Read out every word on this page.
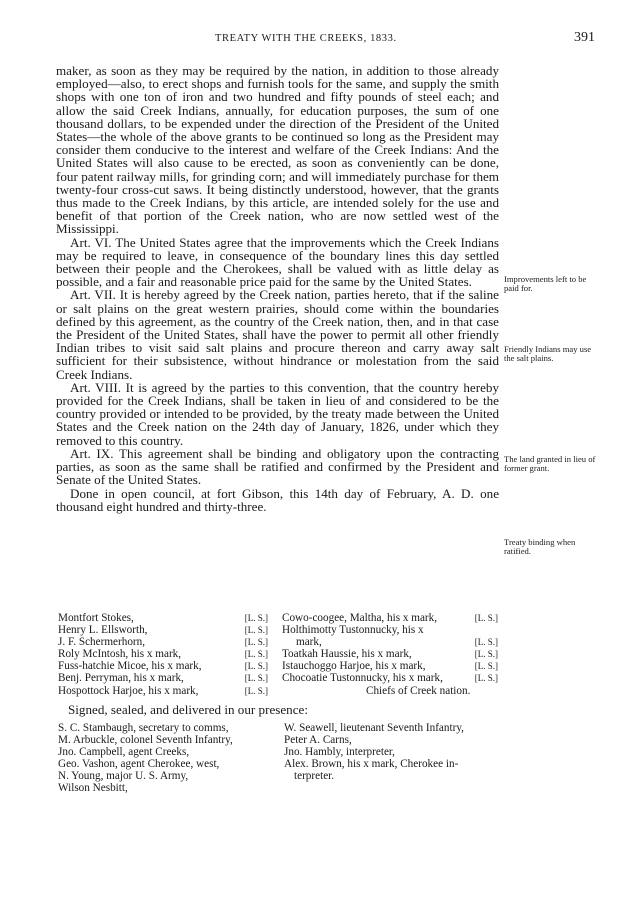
TREATY WITH THE CREEKS, 1833.	391

maker, as soon as they may be required by the nation, in addition to those already employed—also, to erect shops and furnish tools for the same, and supply the smith shops with one ton of iron and two hundred and fifty pounds of steel each; and allow the said Creek Indians, annually, for education purposes, the sum of one thousand dollars, to be expended under the direction of the President of the United States—the whole of the above grants to be continued so long as the President may consider them conducive to the interest and welfare of the Creek Indians: And the United States will also cause to be erected, as soon as conveniently can be done, four patent railway mills, for grinding corn; and will immediately purchase for them twenty-four cross-cut saws. It being distinctly understood, however, that the grants thus made to the Creek Indians, by this article, are intended solely for the use and benefit of that portion of the Creek nation, who are now settled west of the Mississippi.

Art. VI. The United States agree that the improvements which the Creek Indians may be required to leave, in consequence of the boundary lines this day settled between their people and the Cherokees, shall be valued with as little delay as possible, and a fair and reasonable price paid for the same by the United States.

Art. VII. It is hereby agreed by the Creek nation, parties hereto, that if the saline or salt plains on the great western prairies, should come within the boundaries defined by this agreement, as the country of the Creek nation, then, and in that case the President of the United States, shall have the power to permit all other friendly Indian tribes to visit said salt plains and procure thereon and carry away salt sufficient for their subsistence, without hindrance or molestation from the said Creek Indians.

Art. VIII. It is agreed by the parties to this convention, that the country hereby provided for the Creek Indians, shall be taken in lieu of and considered to be the country provided or intended to be provided, by the treaty made between the United States and the Creek nation on the 24th day of January, 1826, under which they removed to this country.

Art. IX. This agreement shall be binding and obligatory upon the contracting parties, as soon as the same shall be ratified and confirmed by the President and Senate of the United States.

Done in open council, at fort Gibson, this 14th day of February, A. D. one thousand eight hundred and thirty-three.

Improvements left to be paid for.
Friendly Indians may use the salt plains.
The land granted in lieu of former grant.
Treaty binding when ratified.
Montfort Stokes,	[L. S.]
Henry L. Ellsworth,	[L. S.]
J. F. Schermerhorn,	[L. S.]
Roly McIntosh, his x mark,	[L. S.]
Fuss-hatchie Micoe, his x mark,	[L. S.]
Benj. Perryman, his x mark,	[L. S.]
Hospottock Harjoe, his x mark,	[L. S.]
Cowo-coogee, Maltha, his x mark,	[L. S.]
Holthimotty Tustonnucky, his x
mark,	[L. S.]
Toatkah Haussie, his x mark,	[L. S.]
Istauchoggo Harjoe, his x mark,	[L. S.]
Chocoatie Tustonnucky, his x mark,	[L. S.]
Chiefs of Creek nation.
Signed, sealed, and delivered in our presence:
S. C. Stambaugh, secretary to comms,
M. Arbuckle, colonel Seventh Infantry,
Jno. Campbell, agent Creeks,
Geo. Vashon, agent Cherokee, west,
N. Young, major U. S. Army,
Wilson Nesbitt,
W. Seawell, lieutenant Seventh Infantry,
Peter A. Carns,
Jno. Hambly, interpreter,
Alex. Brown, his x mark, Cherokee in-
terpreter.
